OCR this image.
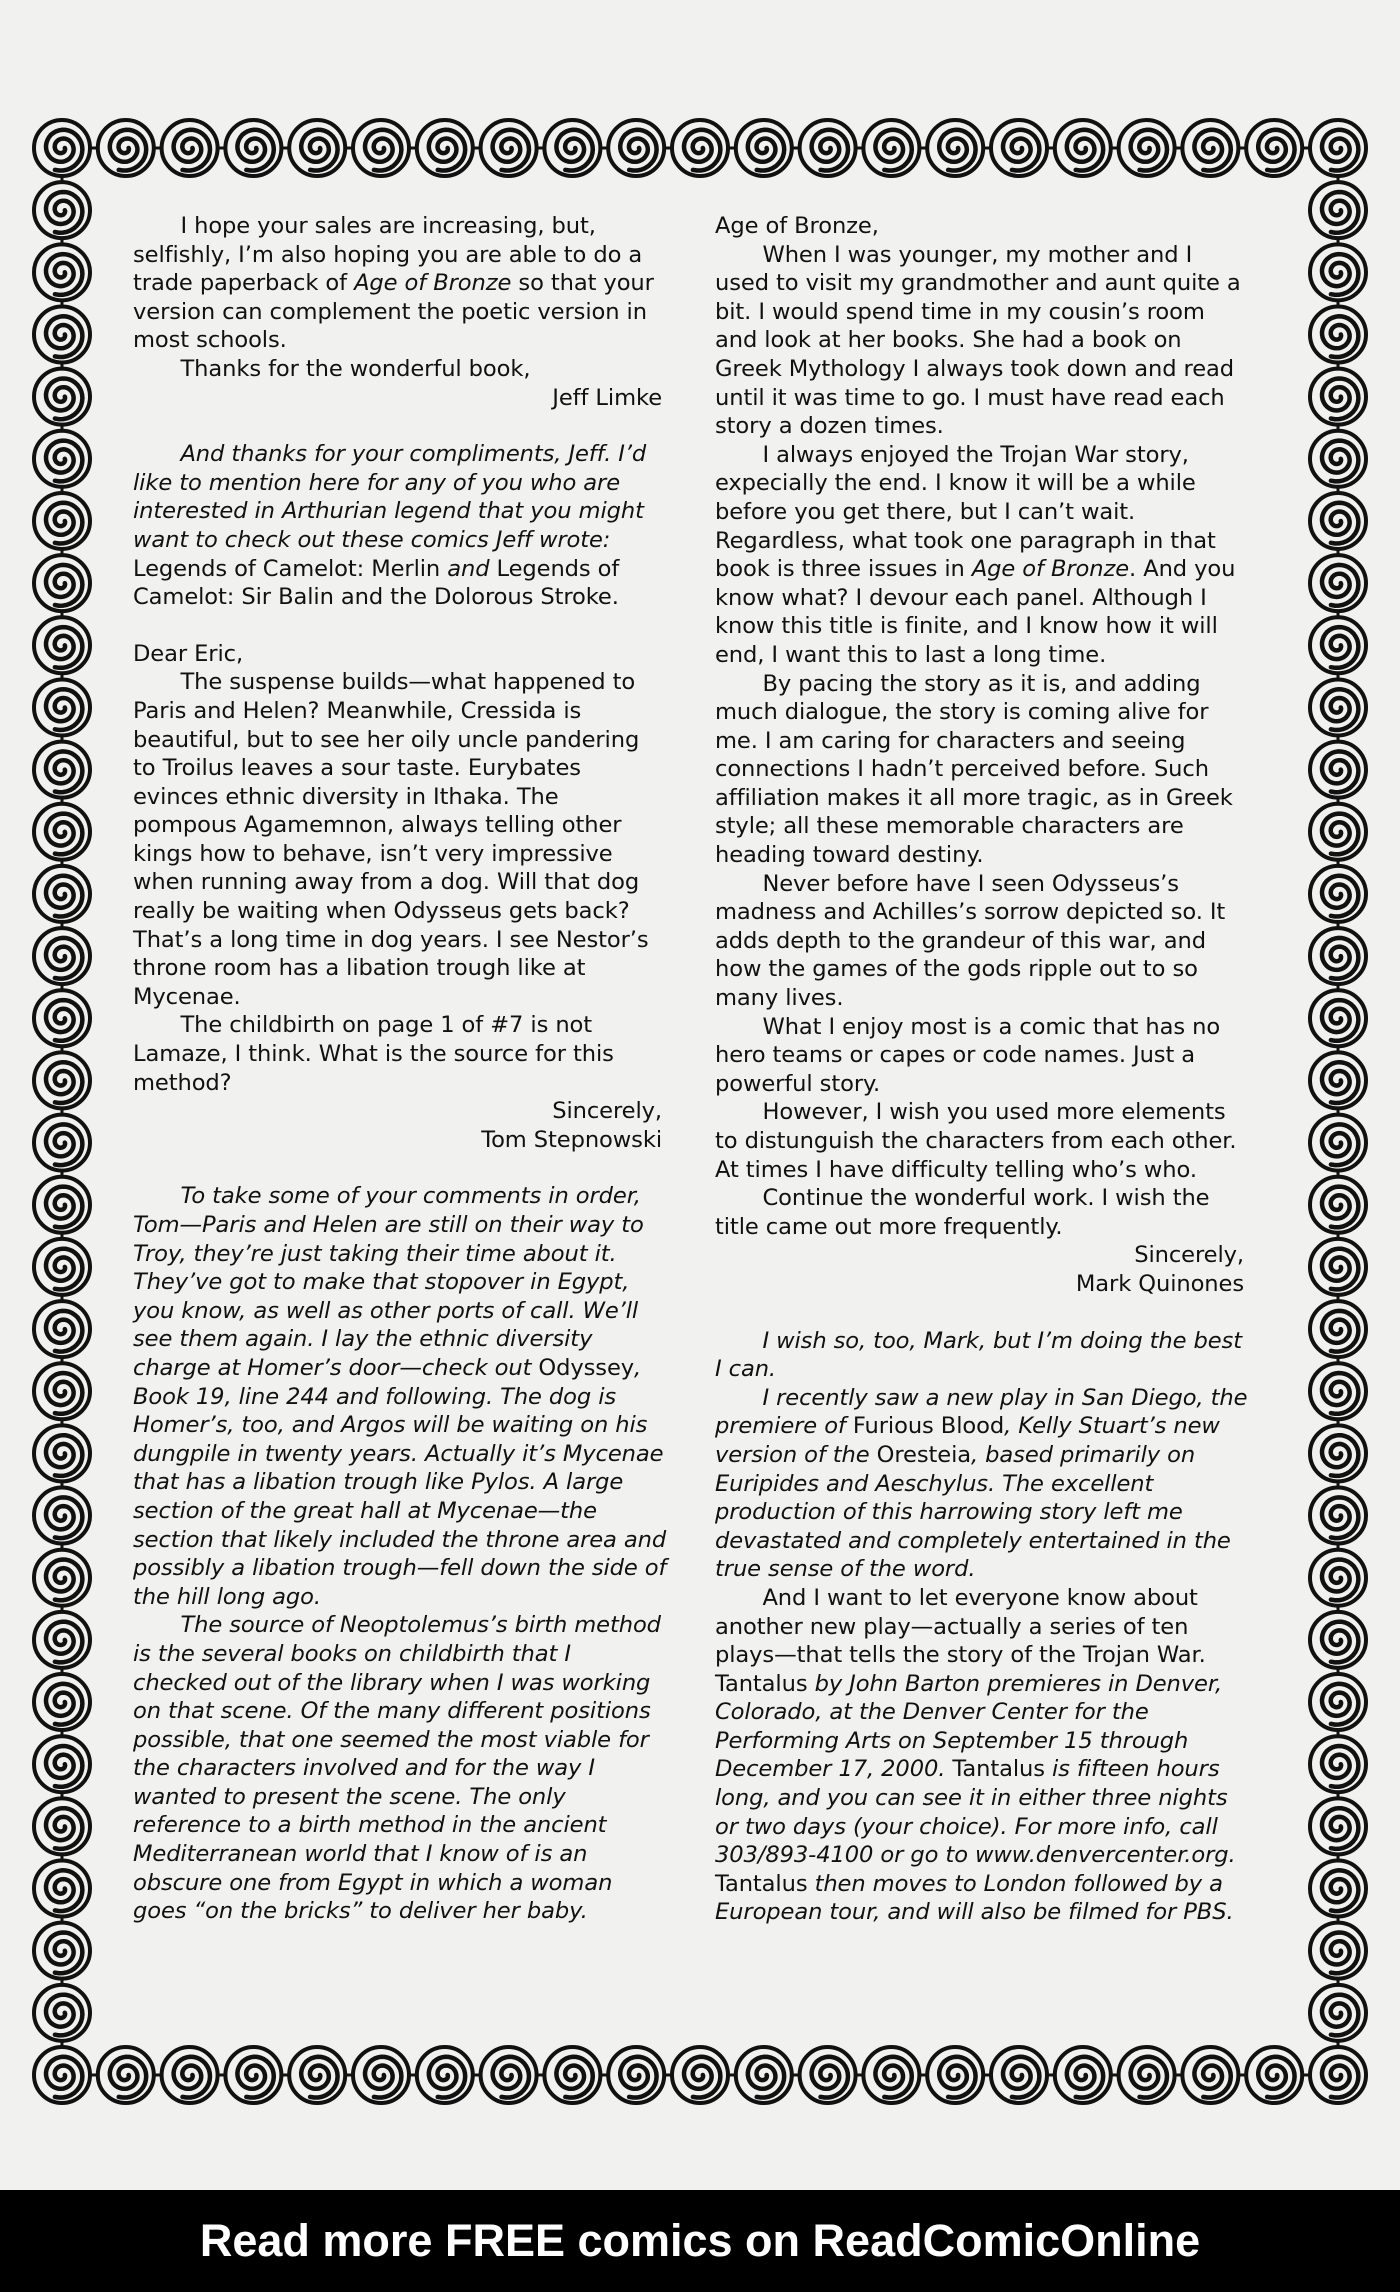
I hope your sales are increasing, but, selfishly, I’m also hoping you are able to do a trade paperback of Age of Bronze so that your version can complement the poetic version in most schools.

Thanks for the wonderful book,

Jeff Limke

And thanks for your compliments, Jeff. I’d like to mention here for any of you who are interested in Arthurian legend that you might want to check out these comics Jeff wrote: Legends of Camelot: Merlin and Legends of Camelot: Sir Balin and the Dolorous Stroke.

Dear Eric,

The suspense builds—what happened to Paris and Helen? Meanwhile, Cressida is beautiful, but to see her oily uncle pandering to Troilus leaves a sour taste. Eurybates evinces ethnic diversity in Ithaka. The pompous Agamemnon, always telling other kings how to behave, isn’t very impressive when running away from a dog. Will that dog really be waiting when Odysseus gets back? That’s a long time in dog years. I see Nestor’s throne room has a libation trough like at Mycenae.

The childbirth on page 1 of #7 is not Lamaze, I think. What is the source for this method?

Sincerely,

Tom Stepnowski

To take some of your comments in order, Tom—Paris and Helen are still on their way to Troy, they’re just taking their time about it. They’ve got to make that stopover in Egypt, you know, as well as other ports of call. We’ll see them again. I lay the ethnic diversity charge at Homer’s door—check out Odyssey, Book 19, line 244 and following. The dog is Homer’s, too, and Argos will be waiting on his dungpile in twenty years. Actually it’s Mycenae that has a libation trough like Pylos. A large section of the great hall at Mycenae—the section that likely included the throne area and possibly a libation trough—fell down the side of the hill long ago.

The source of Neoptolemus’s birth method is the several books on childbirth that I checked out of the library when I was working on that scene. Of the many different positions possible, that one seemed the most viable for the characters involved and for the way I wanted to present the scene. The only reference to a birth method in the ancient Mediterranean world that I know of is an obscure one from Egypt in which a woman goes “on the bricks” to deliver her baby.

Age of Bronze,

When I was younger, my mother and I used to visit my grandmother and aunt quite a bit. I would spend time in my cousin’s room and look at her books. She had a book on Greek Mythology I always took down and read until it was time to go. I must have read each story a dozen times.

I always enjoyed the Trojan War story, expecially the end. I know it will be a while before you get there, but I can’t wait. Regardless, what took one paragraph in that book is three issues in Age of Bronze. And you know what? I devour each panel. Although I know this title is finite, and I know how it will end, I want this to last a long time.

By pacing the story as it is, and adding much dialogue, the story is coming alive for me. I am caring for characters and seeing connections I hadn’t perceived before. Such affiliation makes it all more tragic, as in Greek style; all these memorable characters are heading toward destiny.

Never before have I seen Odysseus’s madness and Achilles’s sorrow depicted so. It adds depth to the grandeur of this war, and how the games of the gods ripple out to so many lives.

What I enjoy most is a comic that has no hero teams or capes or code names. Just a powerful story.

However, I wish you used more elements to distunguish the characters from each other. At times I have difficulty telling who’s who.

Continue the wonderful work. I wish the title came out more frequently.

Sincerely,

Mark Quinones

I wish so, too, Mark, but I’m doing the best I can.

I recently saw a new play in San Diego, the premiere of Furious Blood, Kelly Stuart’s new version of the Oresteia, based primarily on Euripides and Aeschylus. The excellent production of this harrowing story left me devastated and completely entertained in the true sense of the word.

And I want to let everyone know about another new play—actually a series of ten plays—that tells the story of the Trojan War. Tantalus by John Barton premieres in Denver, Colorado, at the Denver Center for the Performing Arts on September 15 through December 17, 2000. Tantalus is fifteen hours long, and you can see it in either three nights or two days (your choice). For more info, call 303/893-4100 or go to www.denvercenter.org. Tantalus then moves to London followed by a European tour, and will also be filmed for PBS.

Read more FREE comics on ReadComicOnline
